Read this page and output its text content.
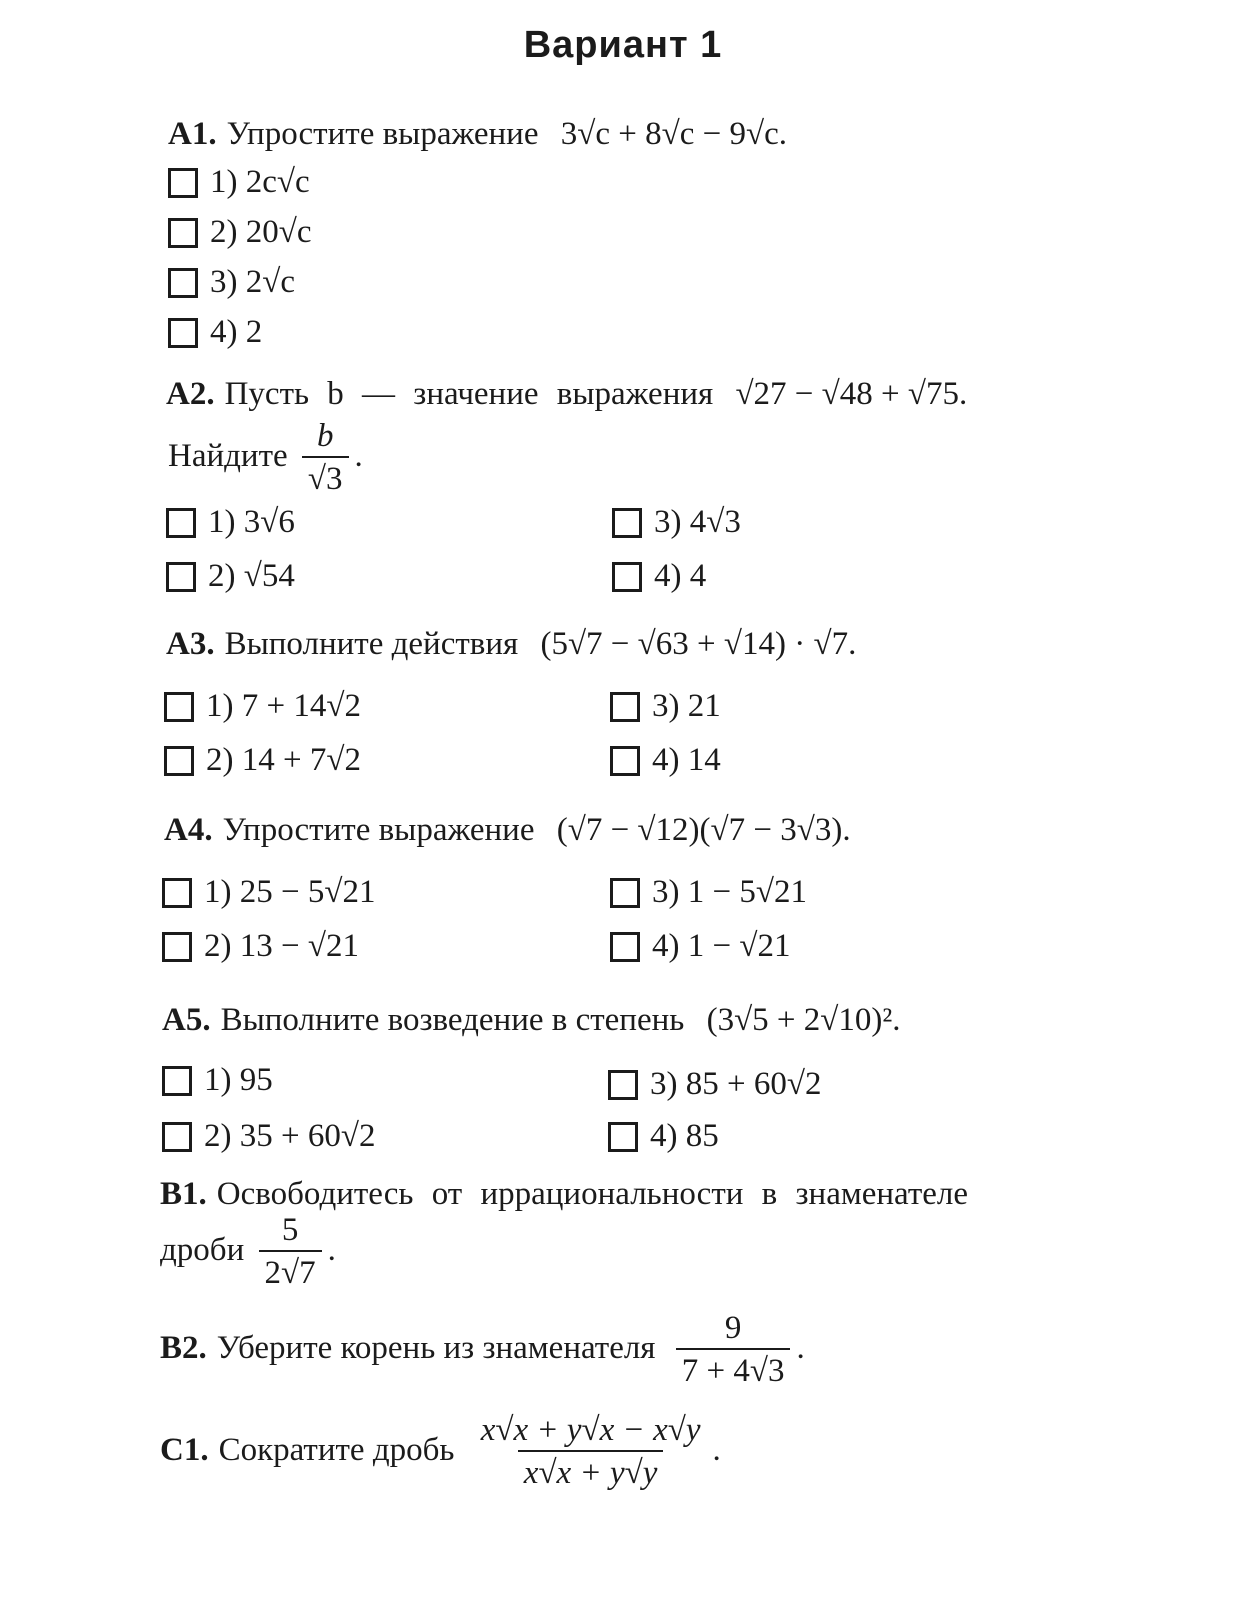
Вариант 1
A1. Упростите выражение 3√c + 8√c − 9√c.
1) 2c√c
2) 20√c
3) 2√c
4) 2
A2. Пусть b — значение выражения √27 − √48 + √75.
Найдите $\frac{b}{√3}$ .
1) 3√6
2) √54
3) 4√3
4) 4
A3. Выполните действия (5√7 − √63 + √14) · √7.
1) 7 + 14√2
2) 14 + 7√2
3) 21
4) 14
A4. Упростите выражение (√7 − √12)(√7 − 3√3).
1) 25 − 5√21
2) 13 − √21
3) 1 − 5√21
4) 1 − √21
A5. Выполните возведение в степень (3√5 + 2√10)².
1) 95
2) 35 + 60√2
3) 85 + 60√2
4) 85
B1. Освободитесь от иррациональности в знаменателе
дроби $\frac{5}{2√7}$ .
B2. Уберите корень из знаменателя $\frac{9}{7 + 4√3}$ .
C1. Сократите дробь $\frac{x√x + y√x - x√y}{x√x + y√y}$ .
